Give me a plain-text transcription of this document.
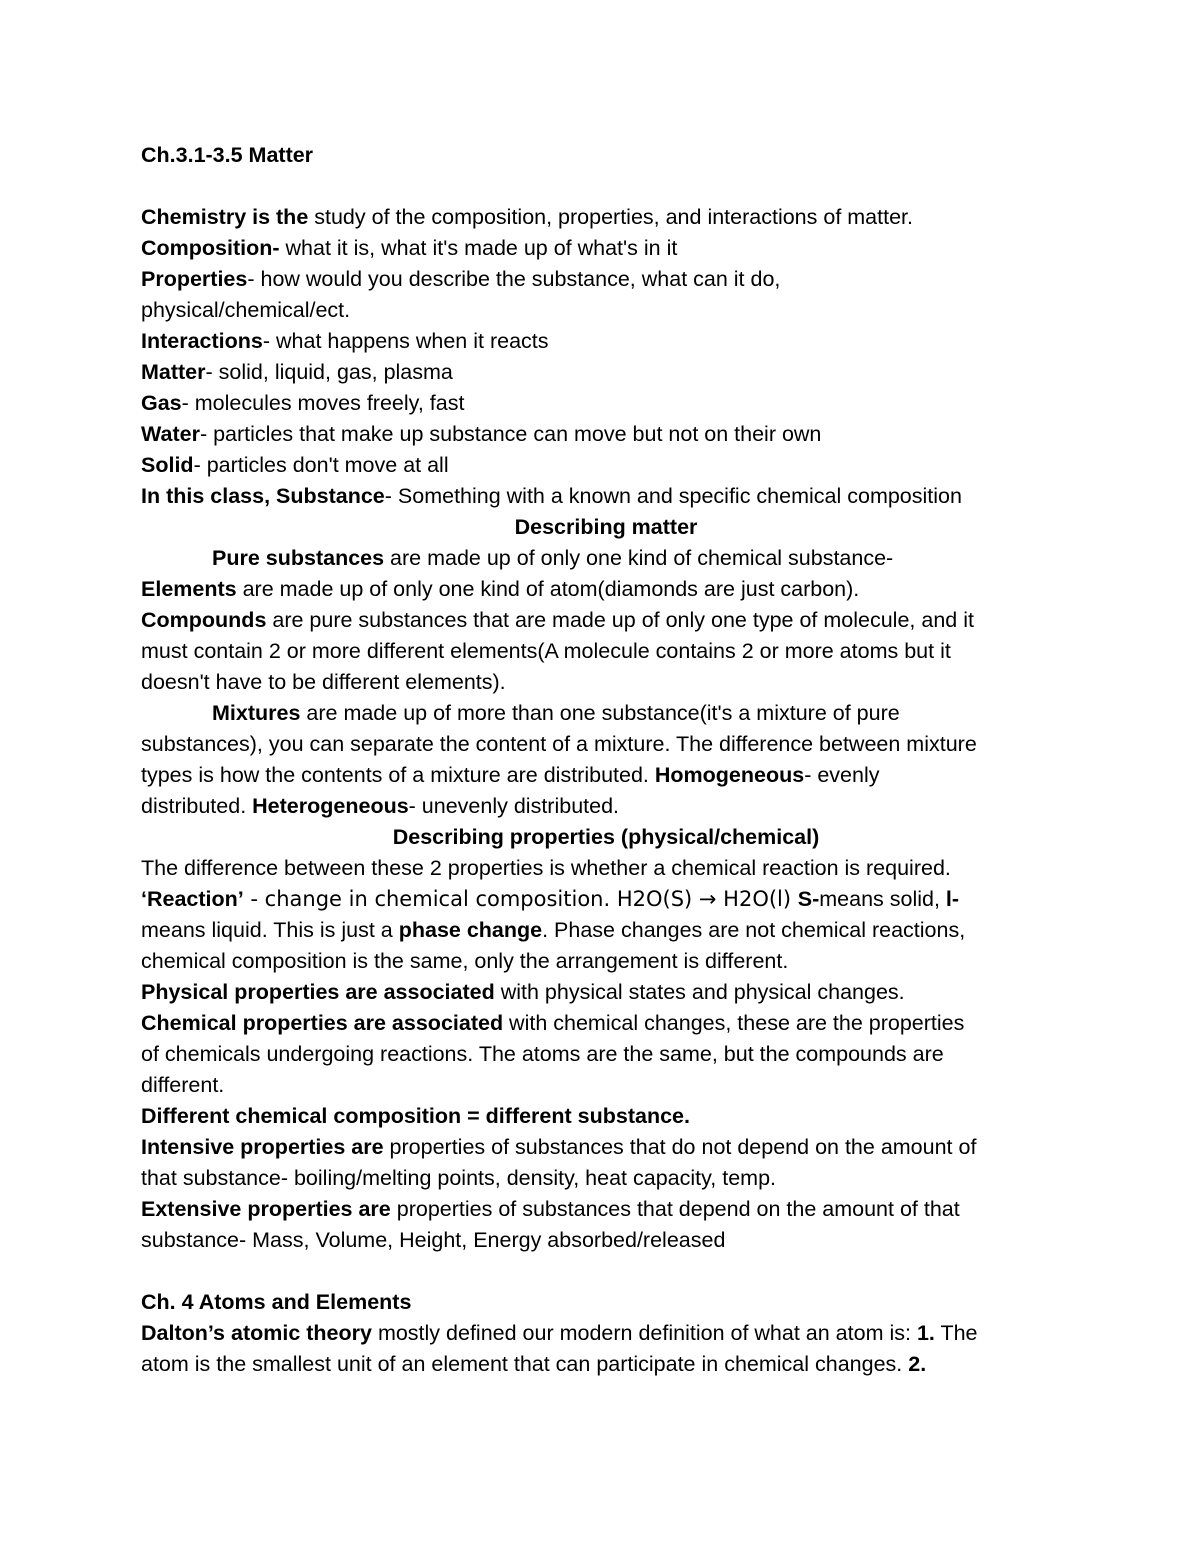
Ch.3.1-3.5 Matter
Chemistry is the study of the composition, properties, and interactions of matter.
Composition- what it is, what it's made up of what's in it
Properties- how would you describe the substance, what can it do,
physical/chemical/ect.
Interactions- what happens when it reacts
Matter- solid, liquid, gas, plasma
Gas- molecules moves freely, fast
Water- particles that make up substance can move but not on their own
Solid- particles don't move at all
In this class, Substance- Something with a known and specific chemical composition
Describing matter
Pure substances are made up of only one kind of chemical substance-
Elements are made up of only one kind of atom(diamonds are just carbon).
Compounds are pure substances that are made up of only one type of molecule, and it
must contain 2 or more different elements(A molecule contains 2 or more atoms but it
doesn't have to be different elements).
Mixtures are made up of more than one substance(it's a mixture of pure
substances), you can separate the content of a mixture. The difference between mixture
types is how the contents of a mixture are distributed. Homogeneous- evenly
distributed. Heterogeneous- unevenly distributed.
Describing properties (physical/chemical)
The difference between these 2 properties is whether a chemical reaction is required.
‘Reaction’ - change in chemical composition. H2O(S) → H2O(l) S-means solid, l-
means liquid. This is just a phase change. Phase changes are not chemical reactions,
chemical composition is the same, only the arrangement is different.
Physical properties are associated with physical states and physical changes.
Chemical properties are associated with chemical changes, these are the properties
of chemicals undergoing reactions. The atoms are the same, but the compounds are
different.
Different chemical composition = different substance.
Intensive properties are properties of substances that do not depend on the amount of
that substance- boiling/melting points, density, heat capacity, temp.
Extensive properties are properties of substances that depend on the amount of that
substance- Mass, Volume, Height, Energy absorbed/released
Ch. 4 Atoms and Elements
Dalton’s atomic theory mostly defined our modern definition of what an atom is: 1. The
atom is the smallest unit of an element that can participate in chemical changes. 2.
